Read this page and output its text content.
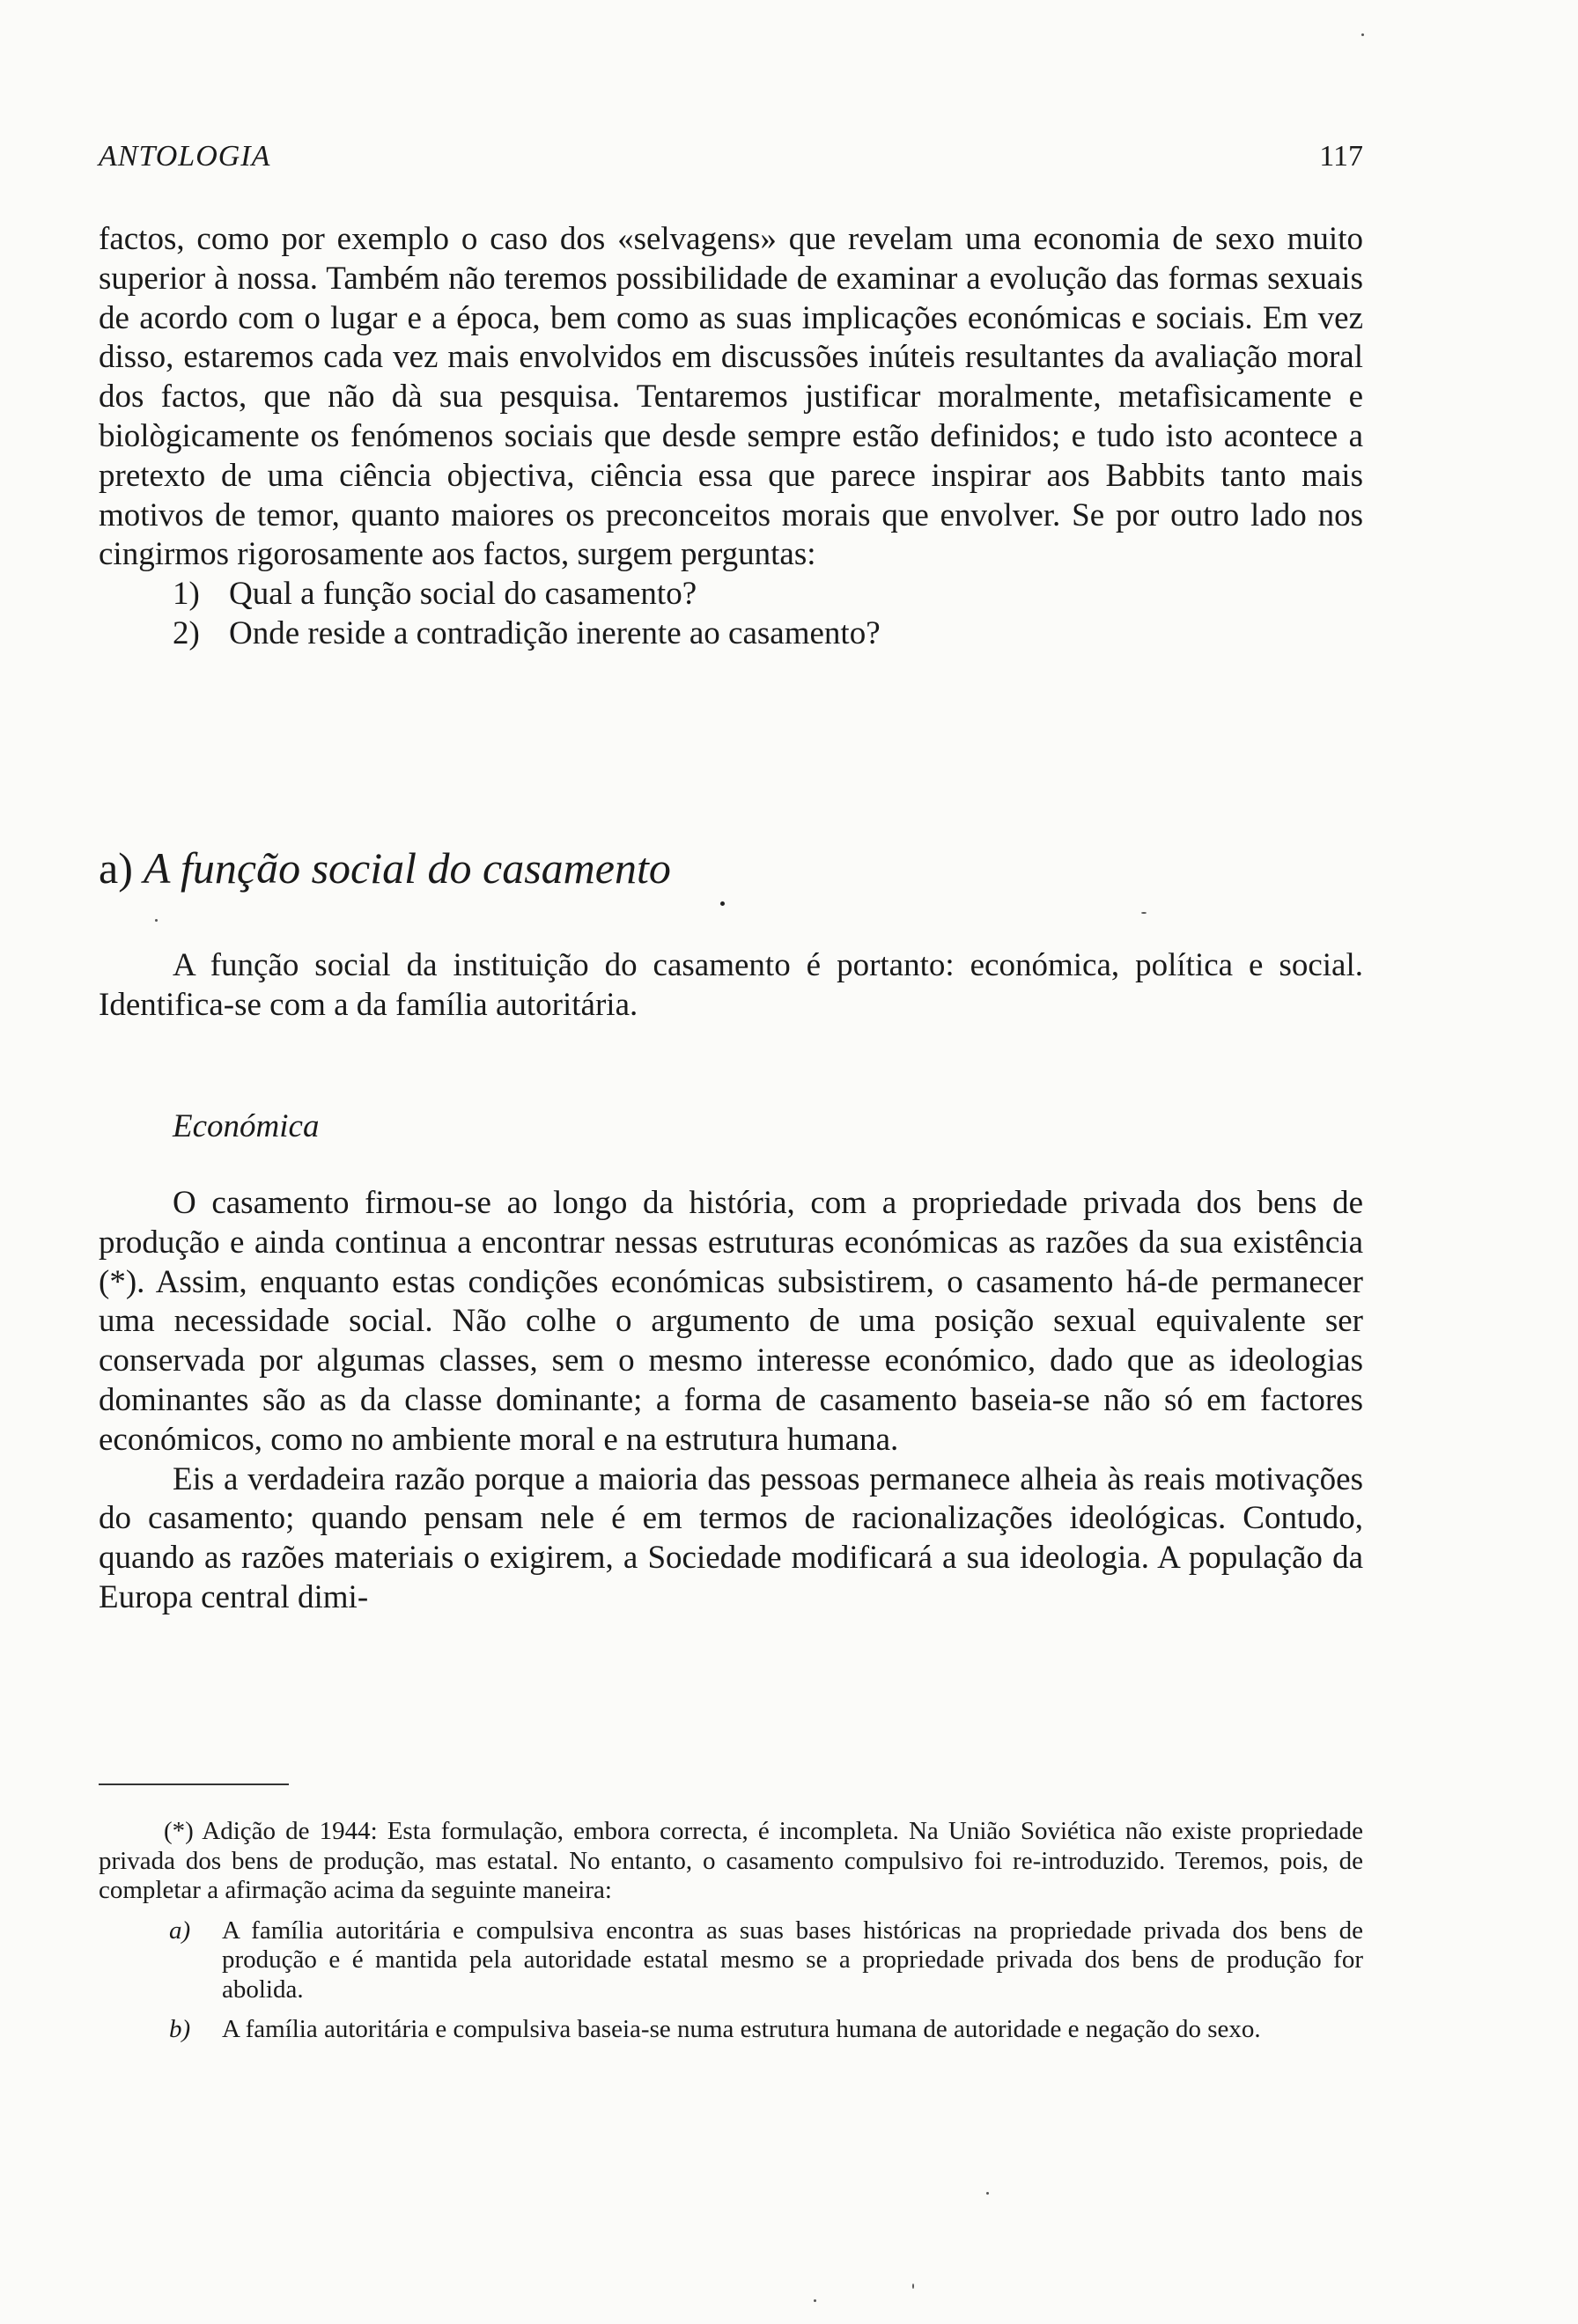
ANTOLOGIA	117

factos, como por exemplo o caso dos «selvagens» que revelam uma economia de sexo muito superior à nossa. Também não teremos possibilidade de examinar a evolução das formas sexuais de acordo com o lugar e a época, bem como as suas implicações económicas e sociais. Em vez disso, estaremos cada vez mais envolvidos em discussões inúteis resultantes da avaliação moral dos factos, que não dà sua pesquisa. Tentaremos justificar moralmente, metafìsicamente e biològicamente os fenómenos sociais que desde sempre estão definidos; e tudo isto acontece a pretexto de uma ciência objectiva, ciência essa que parece inspirar aos Babbits tanto mais motivos de temor, quanto maiores os preconceitos morais que envolver. Se por outro lado nos cingirmos rigorosamente aos factos, surgem perguntas:

1) Qual a função social do casamento?

2) Onde reside a contradição inerente ao casamento?

a) A função social do casamento

A função social da instituição do casamento é portanto: económica, política e social. Identifica-se com a da família autoritária.

Económica

O casamento firmou-se ao longo da história, com a propriedade privada dos bens de produção e ainda continua a encontrar nessas estruturas económicas as razões da sua existência (*). Assim, enquanto estas condições económicas subsistirem, o casamento há-de permanecer uma necessidade social. Não colhe o argumento de uma posição sexual equivalente ser conservada por algumas classes, sem o mesmo interesse económico, dado que as ideologias dominantes são as da classe dominante; a forma de casamento baseia-se não só em factores económicos, como no ambiente moral e na estrutura humana.

Eis a verdadeira razão porque a maioria das pessoas permanece alheia às reais motivações do casamento; quando pensam nele é em termos de racionalizações ideológicas. Contudo, quando as razões materiais o exigirem, a Sociedade modificará a sua ideologia. A população da Europa central dimi-

(*) Adição de 1944: Esta formulação, embora correcta, é incompleta. Na União Soviética não existe propriedade privada dos bens de produção, mas estatal. No entanto, o casamento compulsivo foi re-introduzido. Teremos, pois, de completar a afirmação acima da seguinte maneira:

a) A família autoritária e compulsiva encontra as suas bases históricas na propriedade privada dos bens de produção e é mantida pela autoridade estatal mesmo se a propriedade privada dos bens de produção for abolida.

b) A família autoritária e compulsiva baseia-se numa estrutura humana de autoridade e negação do sexo.
